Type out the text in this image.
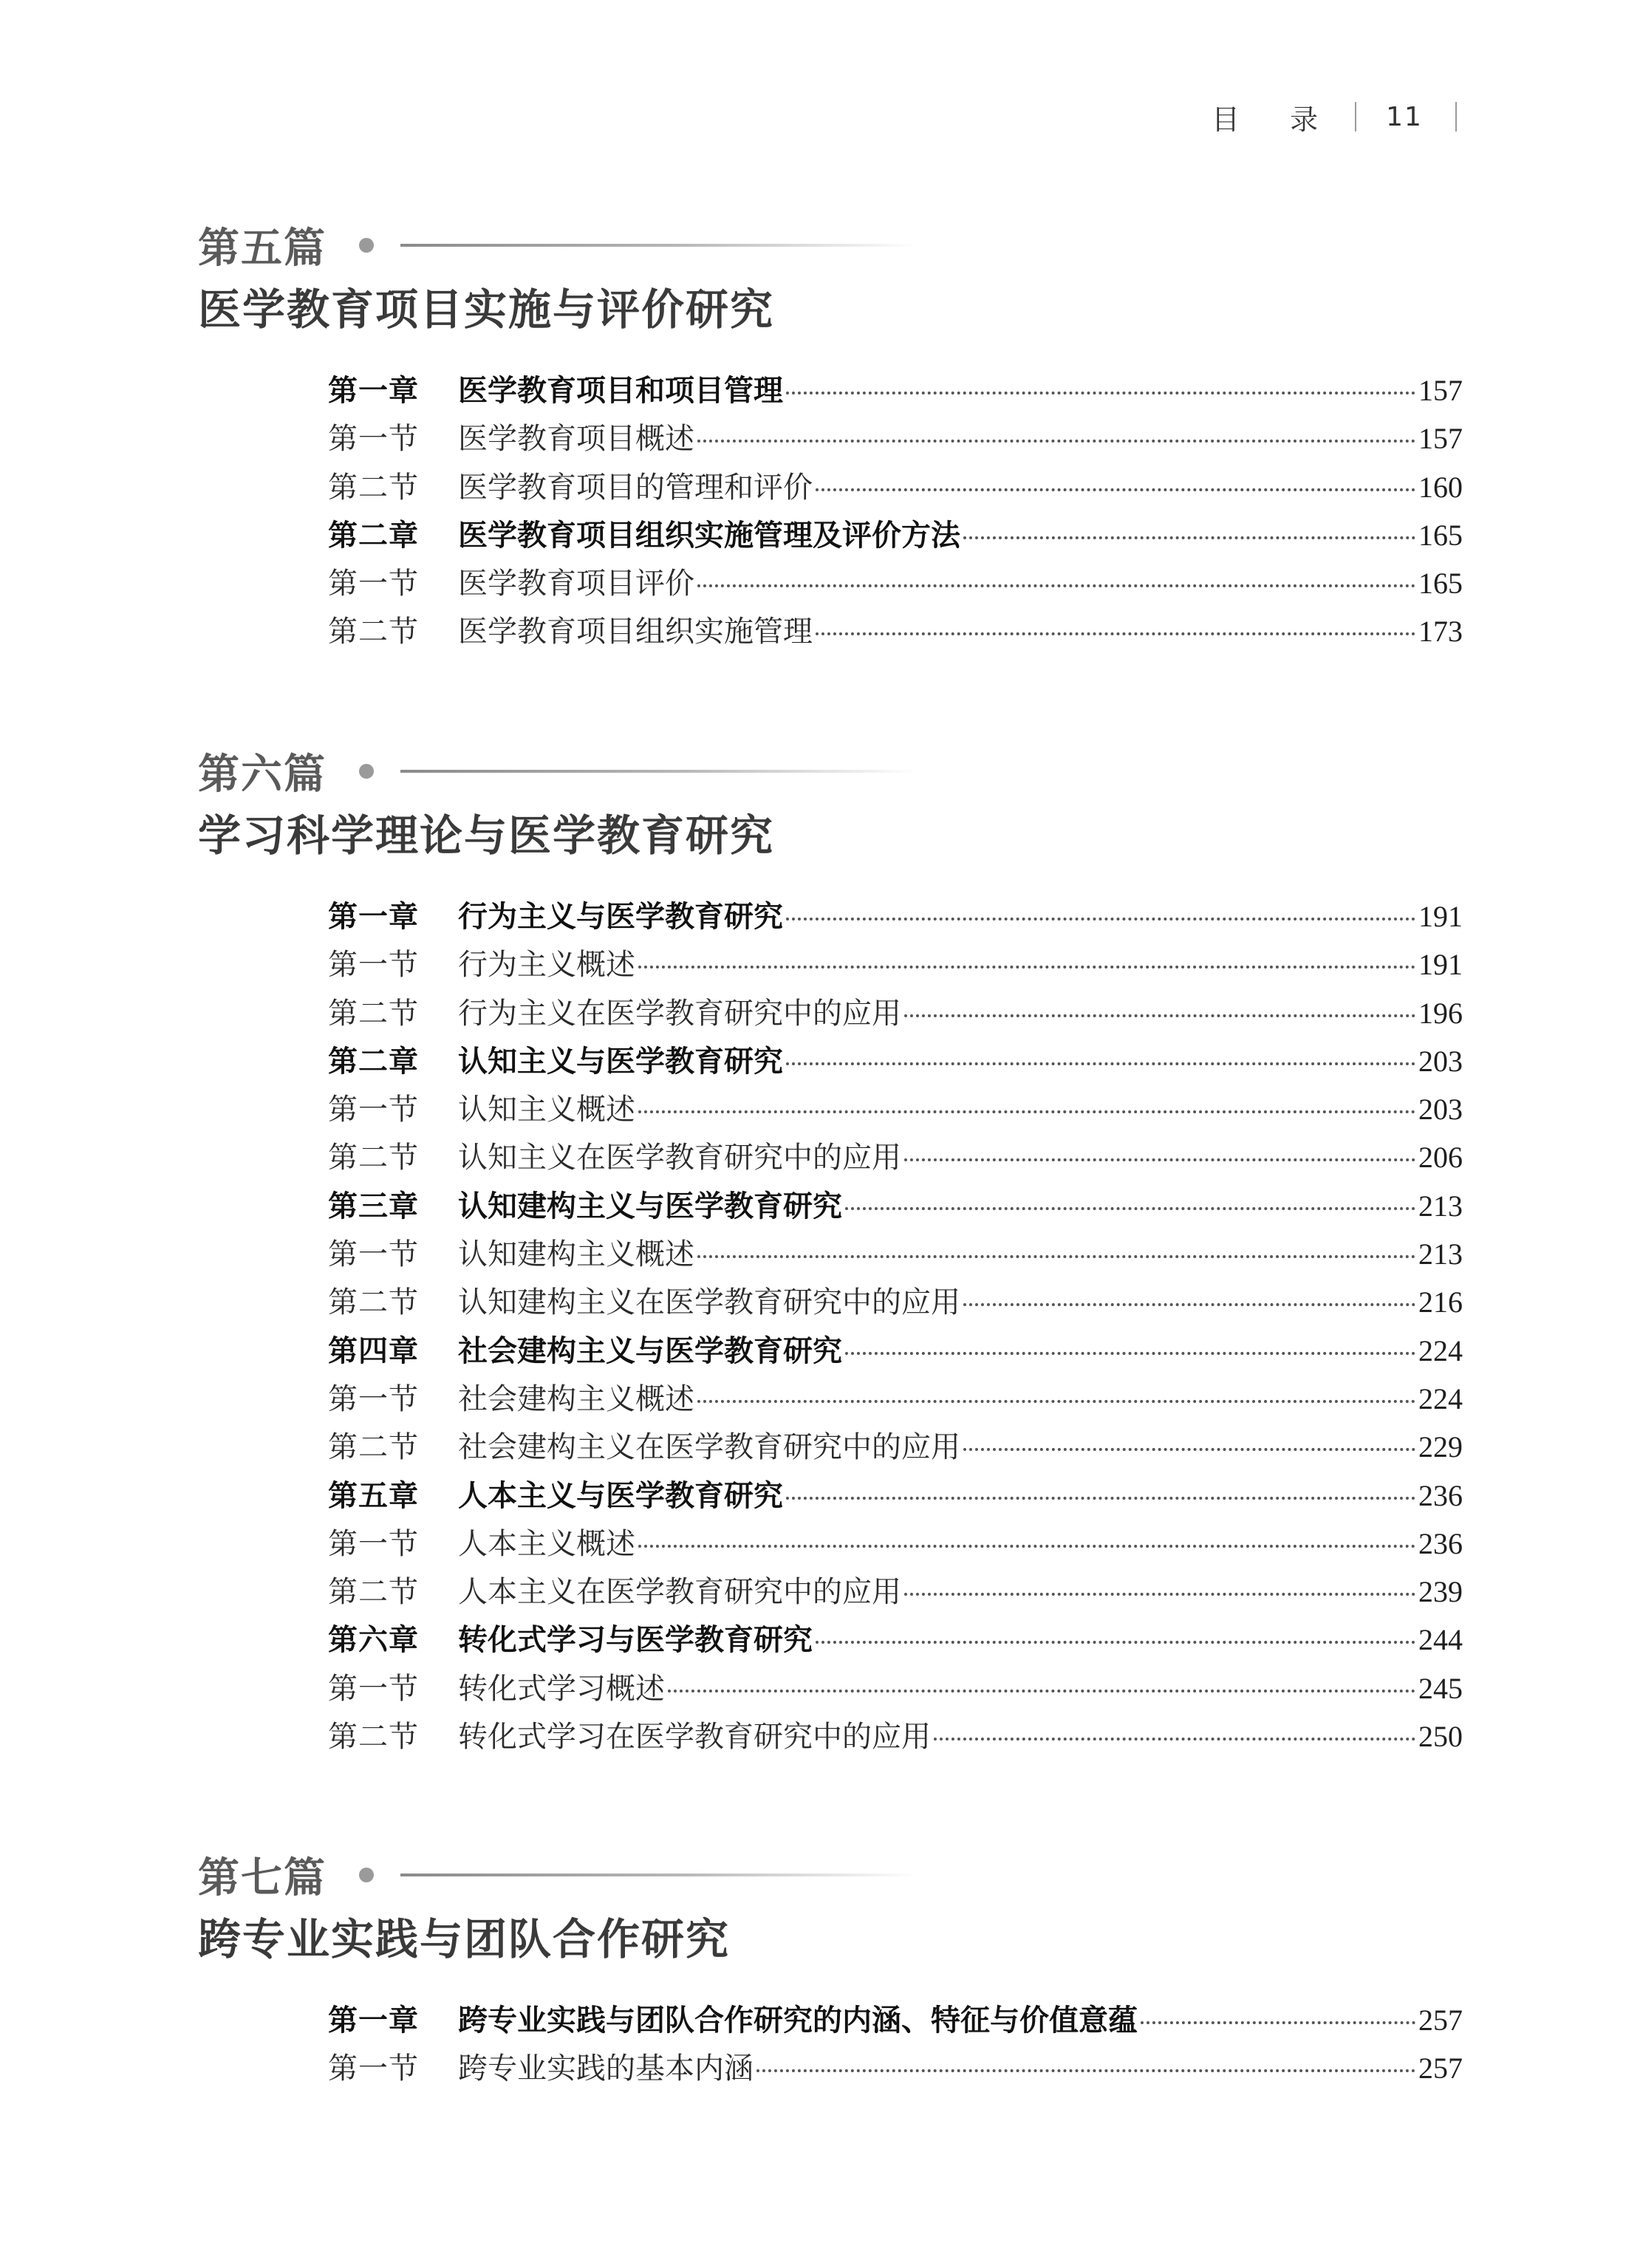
目 录 11
第五篇
医学教育项目实施与评价研究
第一章	医学教育项目和项目管理	157
第一节	医学教育项目概述	157
第二节	医学教育项目的管理和评价	160
第二章	医学教育项目组织实施管理及评价方法	165
第一节	医学教育项目评价	165
第二节	医学教育项目组织实施管理	173
第六篇
学习科学理论与医学教育研究
第一章	行为主义与医学教育研究	191
第一节	行为主义概述	191
第二节	行为主义在医学教育研究中的应用	196
第二章	认知主义与医学教育研究	203
第一节	认知主义概述	203
第二节	认知主义在医学教育研究中的应用	206
第三章	认知建构主义与医学教育研究	213
第一节	认知建构主义概述	213
第二节	认知建构主义在医学教育研究中的应用	216
第四章	社会建构主义与医学教育研究	224
第一节	社会建构主义概述	224
第二节	社会建构主义在医学教育研究中的应用	229
第五章	人本主义与医学教育研究	236
第一节	人本主义概述	236
第二节	人本主义在医学教育研究中的应用	239
第六章	转化式学习与医学教育研究	244
第一节	转化式学习概述	245
第二节	转化式学习在医学教育研究中的应用	250
第七篇
跨专业实践与团队合作研究
第一章	跨专业实践与团队合作研究的内涵、特征与价值意蕴	257
第一节	跨专业实践的基本内涵	257
